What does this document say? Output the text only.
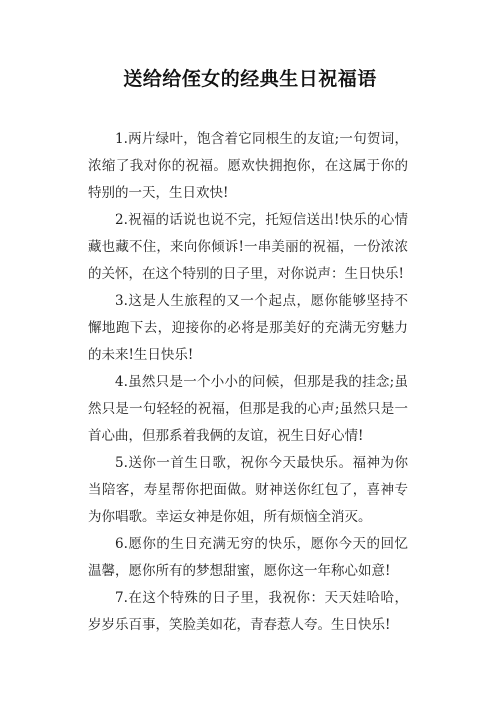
送给给侄女的经典生日祝福语

1.两片绿叶，饱含着它同根生的友谊;一句贺词，浓缩了我对你的祝福。愿欢快拥抱你，在这属于你的特别的一天，生日欢快!

2.祝福的话说也说不完，托短信送出!快乐的心情藏也藏不住，来向你倾诉!一串美丽的祝福，一份浓浓的关怀，在这个特别的日子里，对你说声：生日快乐!

3.这是人生旅程的又一个起点，愿你能够坚持不懈地跑下去，迎接你的必将是那美好的充满无穷魅力的未来!生日快乐!

4.虽然只是一个小小的问候，但那是我的挂念;虽然只是一句轻轻的祝福，但那是我的心声;虽然只是一首心曲，但那系着我俩的友谊，祝生日好心情!

5.送你一首生日歌，祝你今天最快乐。福神为你当陪客，寿星帮你把面做。财神送你红包了，喜神专为你唱歌。幸运女神是你姐，所有烦恼全消灭。

6.愿你的生日充满无穷的快乐，愿你今天的回忆温馨，愿你所有的梦想甜蜜，愿你这一年称心如意!

7.在这个特殊的日子里，我祝你：天天娃哈哈，岁岁乐百事，笑脸美如花，青春惹人夸。生日快乐!
